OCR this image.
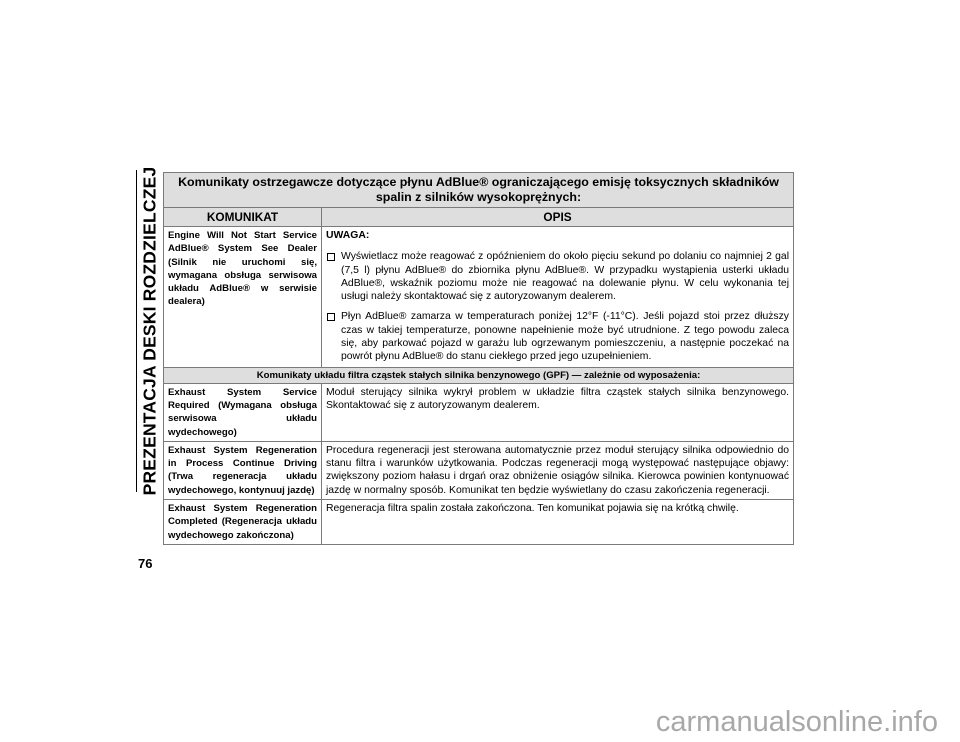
PREZENTACJA DESKI ROZDZIELCZEJ Komunikaty ostrzegawcze dotyczące płynu AdBlue® ograniczającego emisję toksycznych składników spalin z silników wysokoprężnych:	
KOMUNIKAT	OPIS
Engine Will Not Start Service AdBlue® System See Dealer (Silnik nie uruchomi się, wymagana obsługa serwisowa układu AdBlue® w serwisie dealera)	UWAGA:
Wyświetlacz może reagować z opóźnieniem do około pięciu sekund po dolaniu co najmniej 2 gal (7,5 l) płynu AdBlue® do zbiornika płynu AdBlue®. W przypadku wystąpienia usterki układu AdBlue®, wskaźnik poziomu może nie reagować na dolewanie płynu. W celu wykonania tej usługi należy skontaktować się z autoryzowanym dealerem.
Płyn AdBlue® zamarza w temperaturach poniżej 12°F (-11°C). Jeśli pojazd stoi przez dłuższy czas w takiej temperaturze, ponowne napełnienie może być utrudnione. Z tego powodu zaleca się, aby parkować pojazd w garażu lub ogrzewanym pomieszczeniu, a następnie poczekać na powrót płynu AdBlue® do stanu ciekłego przed jego uzupełnieniem.

Komunikaty układu filtra cząstek stałych silnika benzynowego (GPF) — zależnie od wyposażenia:	
Exhaust System Service Required (Wymagana obsługa serwisowa układu wydechowego)	Moduł sterujący silnika wykrył problem w układzie filtra cząstek stałych silnika benzynowego. Skontaktować się z autoryzowanym dealerem.
Exhaust System Regeneration in Process Continue Driving (Trwa regeneracja układu wydechowego, kontynuuj jazdę)	Procedura regeneracji jest sterowana automatycznie przez moduł sterujący silnika odpowiednio do stanu filtra i warunków użytkowania. Podczas regeneracji mogą występować następujące objawy: zwiększony poziom hałasu i drgań oraz obniżenie osiągów silnika. Kierowca powinien kontynuować jazdę w normalny sposób. Komunikat ten będzie wyświetlany do czasu zakończenia regeneracji.
Exhaust System Regeneration Completed (Regeneracja układu wydechowego zakończona)	Regeneracja filtra spalin została zakończona. Ten komunikat pojawia się na krótką chwilę.
76
carmanualsonline.info
